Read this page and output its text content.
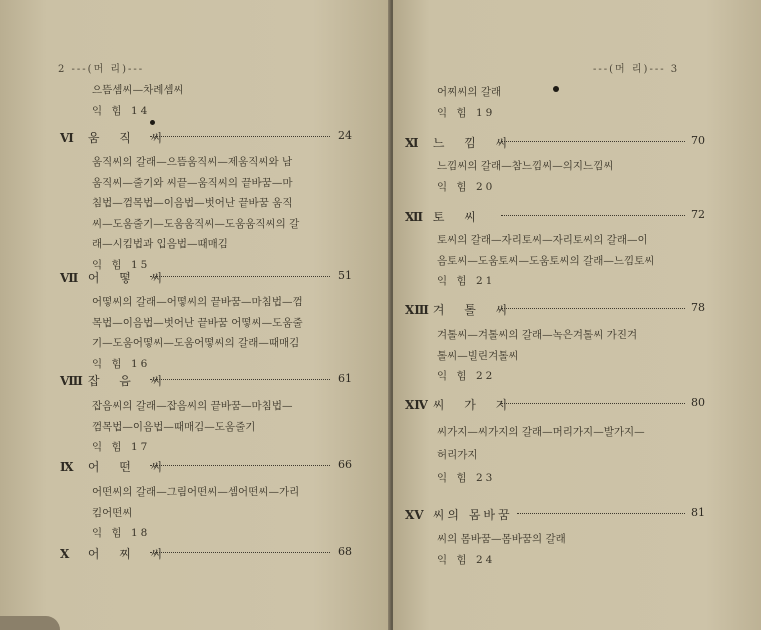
2 ---(머 리)---
으뜸셈씨—차례셈씨
익 힘 14
Ⅵ 움 직 씨	24
움직씨의 갈래—으뜸움직씨—제움직씨와 남
움직씨—줄기와 씨끝—움직씨의 끝바꿈—마
침법—껌목법—이음법—벗어난 끝바꿈 움직
씨—도움줄기—도움움직씨—도움움직씨의 갈
래—시킴법과 입음법—때매김
익 힘 15
Ⅶ 어 떻 씨	51
어떻씨의 갈래—어떻씨의 끝바꿈—마침법—껌
목법—이음법—벗어난 끝바꿈 어떻씨—도움줄
기—도움어떻씨—도움어떻씨의 갈래—때매김
익 힘 16
Ⅷ 잡 음 씨	61
잡음씨의 갈래—잡음씨의 끝바꿈—마침법—
껌목법—이음법—때매김—도움줄기
익 힘 17
Ⅸ 어 떤 씨	66
어떤씨의 갈래—그림어떤씨—셈어떤씨—가리
킴어떤씨
익 힘 18
Ⅹ 어 찌 씨	68
---(머 리)--- 3
어찌씨의 갈래
익 힘 19
Ⅺ 느 낌 씨	70
느낌씨의 갈래—참느낌씨—의지느낌씨
익 힘 20
Ⅻ 토 씨	72
토씨의 갈래—자리토씨—자리토씨의 갈래—이
음토씨—도움토씨—도움토씨의 갈래—느낌토씨
익 힘 21
XⅢ 겨 톨 씨	78
겨톨씨—겨톨씨의 갈래—녹은겨톨씨 가진겨
톨씨—빌린겨톨씨
익 힘 22
XⅣ 씨 가 지	80
씨가지—씨가지의 갈래—머리가지—발가지—
허리가지
익 힘 23
XⅤ 씨의 몸바꿈	81
씨의 몸바꿈—몸바꿈의 갈래
익 힘 24
